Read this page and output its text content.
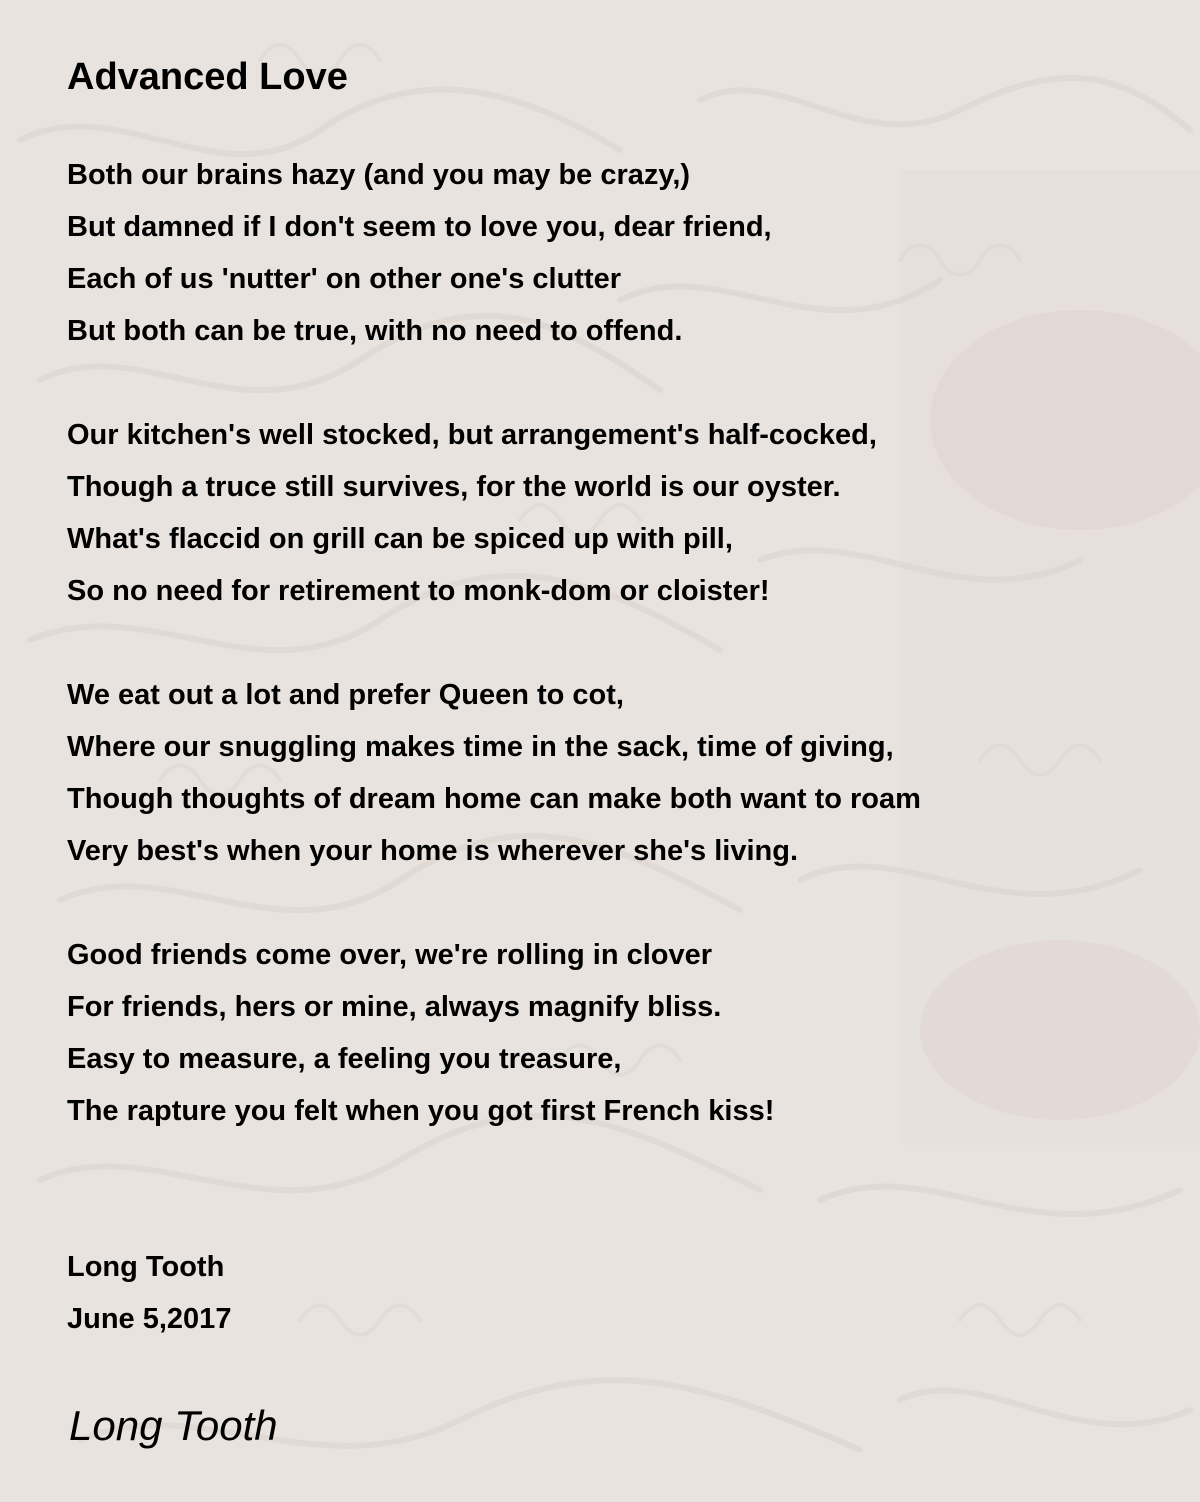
Advanced Love
Both our brains hazy (and you may be crazy,)
But damned if I don't seem to love you, dear friend,
Each of us 'nutter' on other one's clutter
But both can be true, with no need to offend.
Our kitchen's well stocked, but arrangement's half-cocked,
Though a truce still survives, for the world is our oyster.
What's flaccid on grill can be spiced up with pill,
So no need for retirement to monk-dom or cloister!
We eat out a lot and prefer Queen to cot,
Where our snuggling makes time in the sack, time of giving,
Though thoughts of dream home can make both want to roam
Very best's when your home is wherever she's living.
Good friends come over, we're rolling in clover
For friends, hers or mine, always magnify bliss.
Easy to measure, a feeling you treasure,
The rapture you felt when you got first French kiss!
Long Tooth
June 5,2017
Long Tooth
